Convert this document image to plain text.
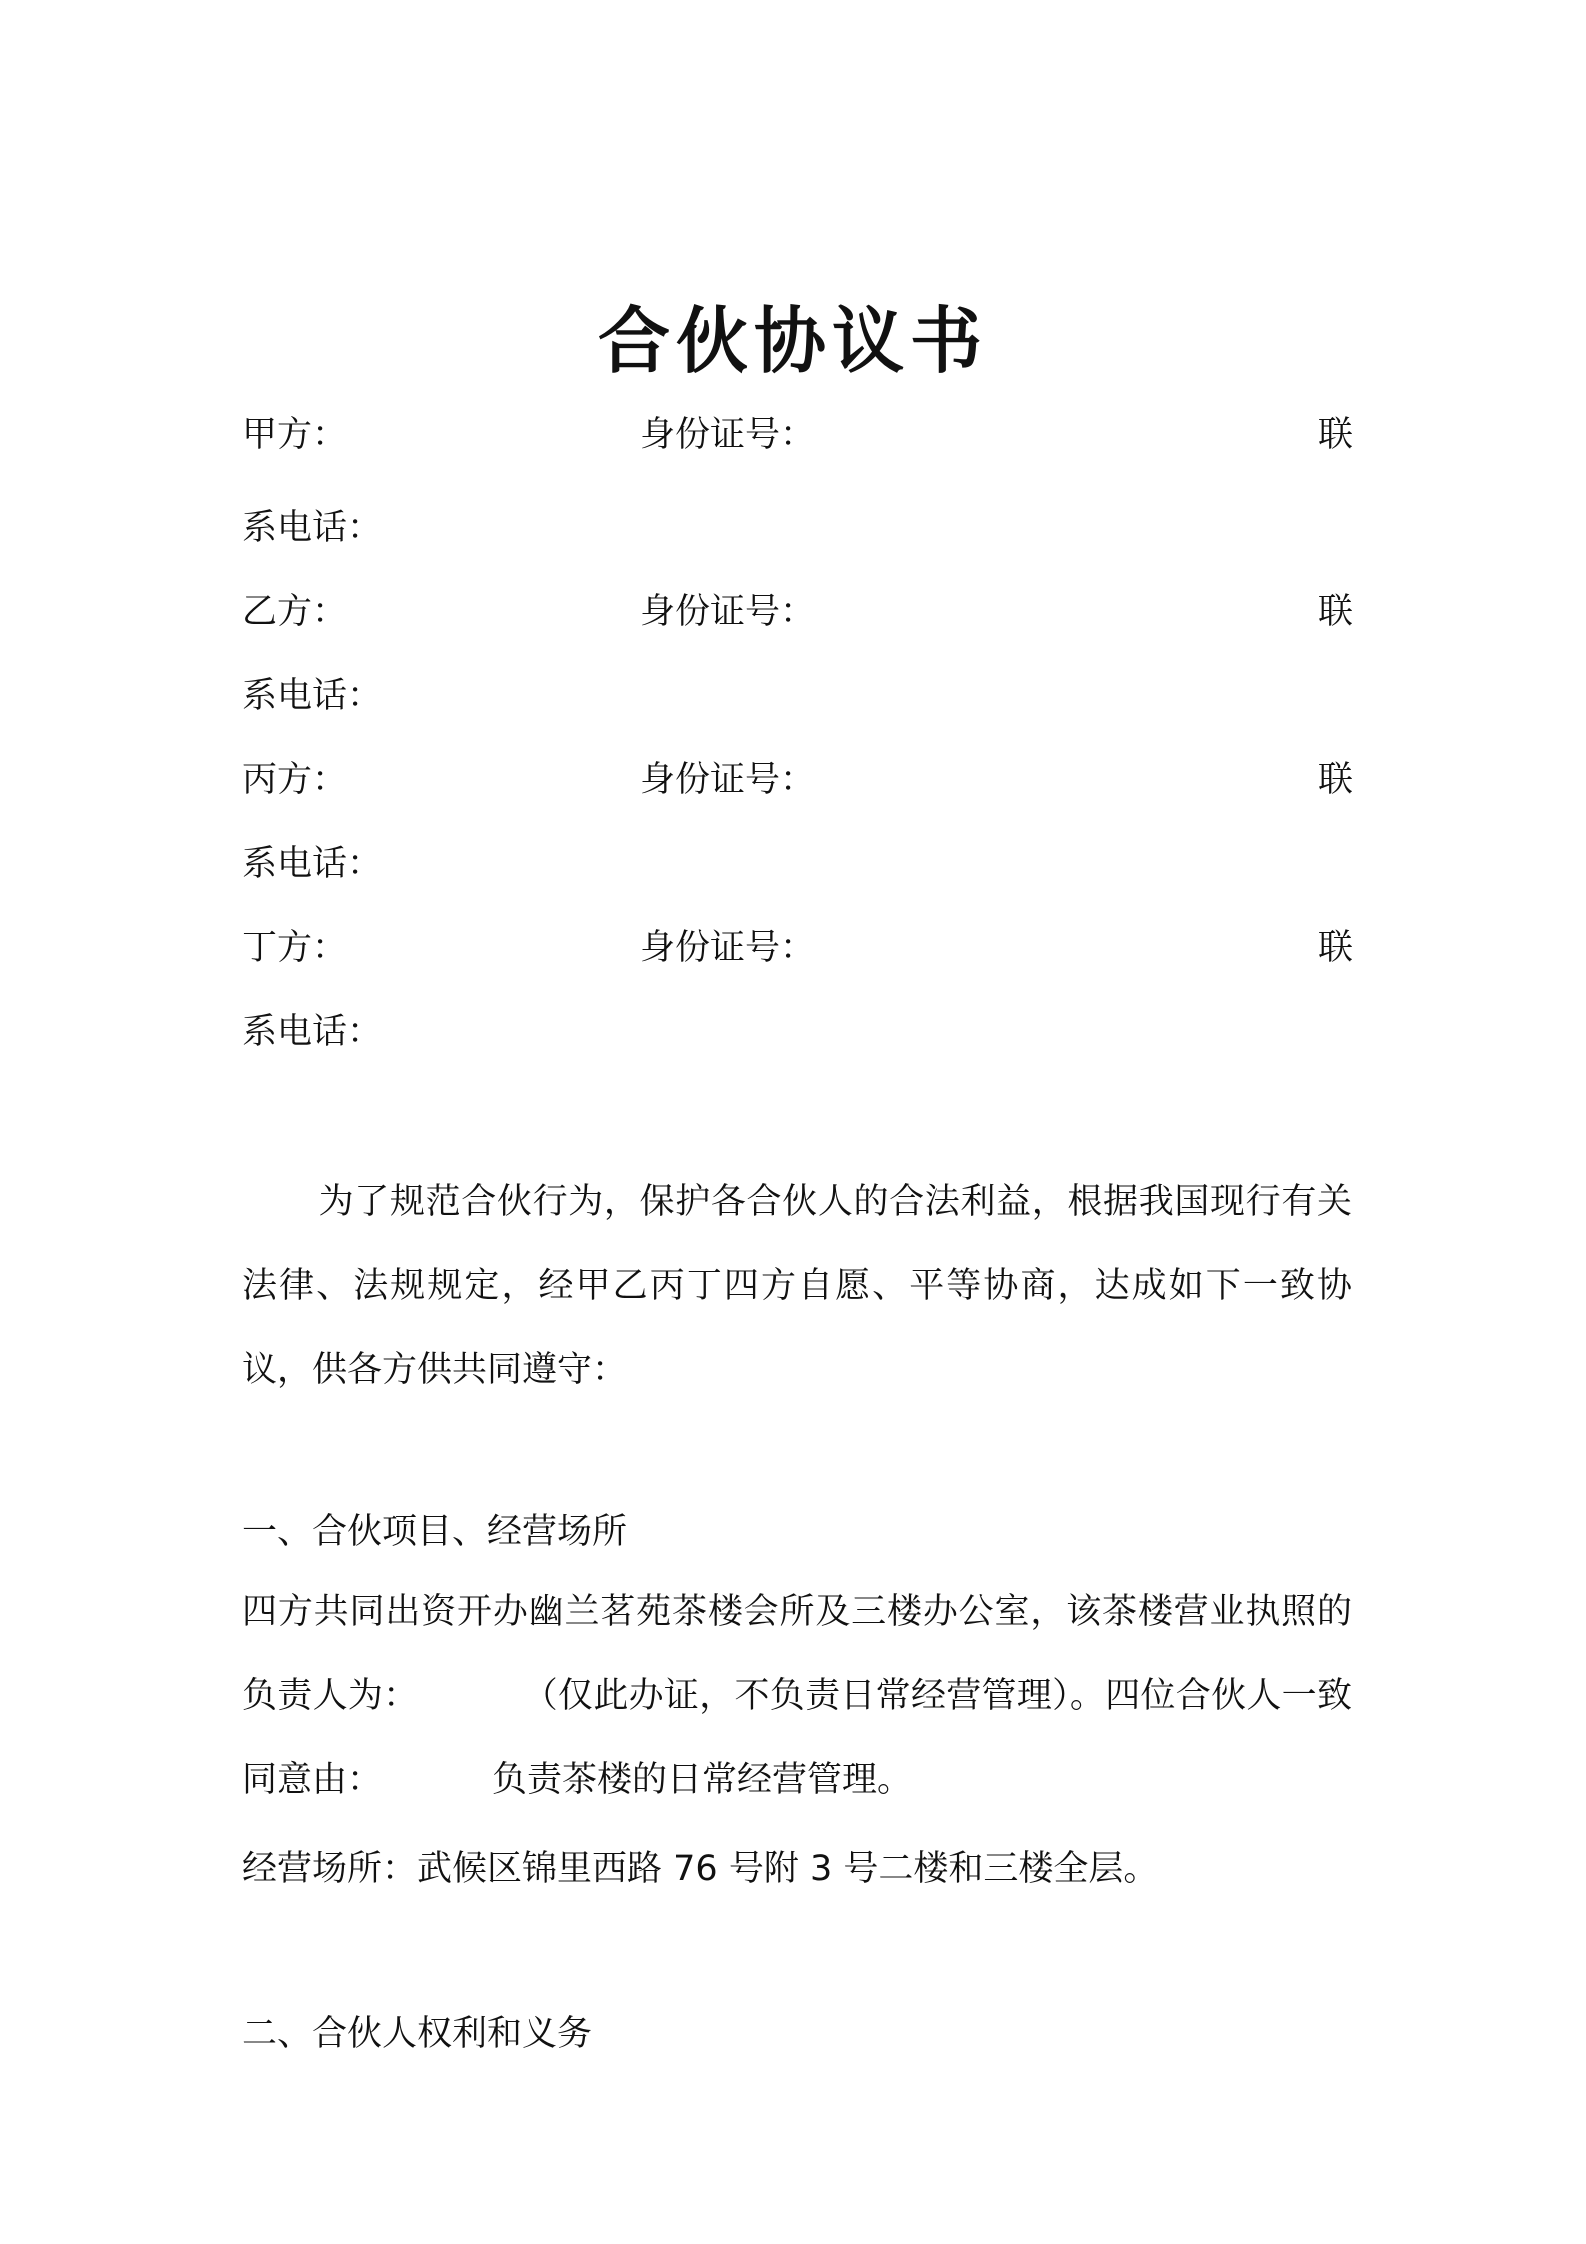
合伙协议书
甲方：	身份证号：	联
系电话：
乙方：	身份证号：	联
系电话：
丙方：	身份证号：	联
系电话：
丁方：	身份证号：	联
系电话：
为了规范合伙行为，保护各合伙人的合法利益，根据我国现行有关法律、法规规定，经甲乙丙丁四方自愿、平等协商，达成如下一致协议，供各方供共同遵守：
一、合伙项目、经营场所
四方共同出资开办幽兰茗苑茶楼会所及三楼办公室，该茶楼营业执照的负责人为：	（仅此办证，不负责日常经营管理）。四位合伙人一致同意由：	负责茶楼的日常经营管理。
经营场所：武候区锦里西路 76 号附 3 号二楼和三楼全层。
二、合伙人权利和义务
